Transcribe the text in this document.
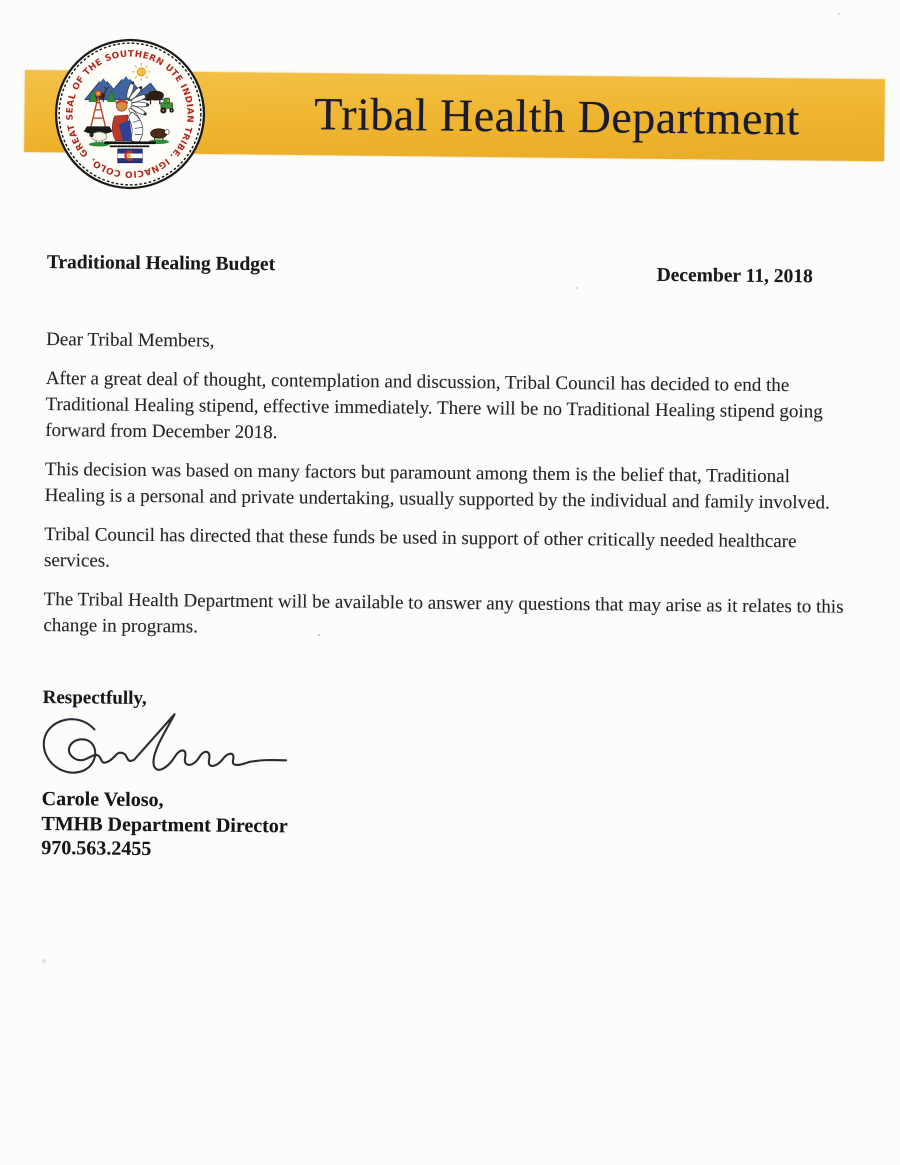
Tribal Health Department
GREAT SEAL OF THE SOUTHERN UTE INDIAN TRIBE. IGNACIO COLO.
Traditional Healing Budget
December 11, 2018
Dear Tribal Members,

After a great deal of thought, contemplation and discussion, Tribal Council has decided to end the Traditional Healing stipend, effective immediately. There will be no Traditional Healing stipend going forward from December 2018.

This decision was based on many factors but paramount among them is the belief that, Traditional Healing is a personal and private undertaking, usually supported by the individual and family involved.

Tribal Council has directed that these funds be used in support of other critically needed healthcare services.

The Tribal Health Department will be available to answer any questions that may arise as it relates to this change in programs.

Respectfully,
Carole Veloso,
TMHB Department Director
970.563.2455
